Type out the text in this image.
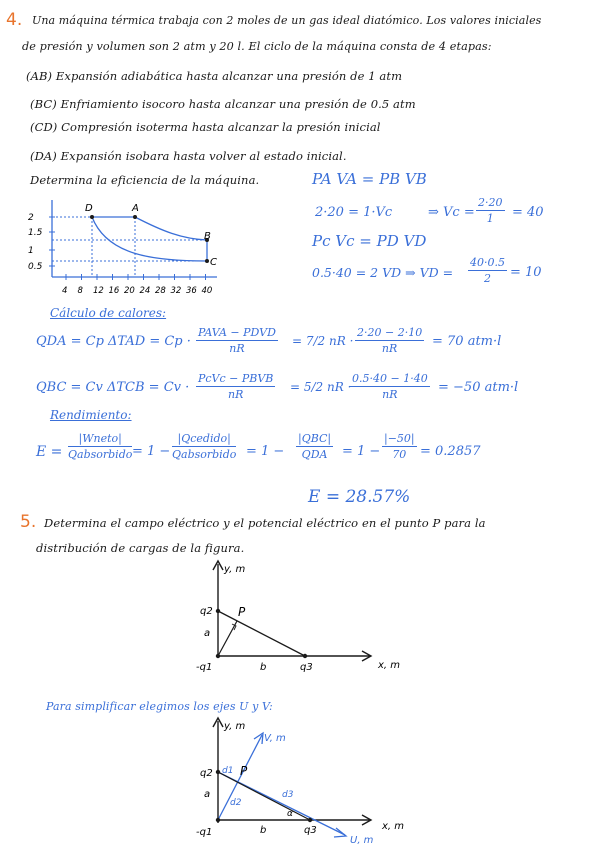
4. Una máquina térmica trabaja con 2 moles de un gas ideal diatómico. Los valores iniciales
de presión y volumen son 2 atm y 20 l. El ciclo de la máquina consta de 4 etapas:
(AB) Expansión adiabática hasta alcanzar una presión de 1 atm
(BC) Enfriamiento isocoro hasta alcanzar una presión de 0.5 atm
(CD) Compresión isoterma hasta alcanzar la presión inicial
(DA) Expansión isobara hasta volver al estado inicial.
Determina la eficiencia de la máquina.
2
1.5
1
0.5
4 8 12 16 20 24 28 32 36 40
D	A
B
C
PA VA = PB VB
2·20 = 1·Vc	⇒ $Vc = \frac{2\cdot 20}{1} = 40$
Pc Vc = PD VD
0.5·40 = 2 VD ⇒ VD = $\frac{40\cdot 0.5}{2} = 10$
Cálculo de calores:
QDA = Cp ΔTAD = Cp ·
PAVA − PDVD
nR
= 7/2 nR · $\frac{2\cdot 20 - 2\cdot 10}{nR} = 70$ atm·l
QBC = Cv ΔTCB = Cv ·
PcVc − PBVB
nR
= 5/2 nR ·
$\frac{0.5\cdot 40 - 1\cdot 40}{nR} = -50$ atm·l
Rendimiento:
E =
|Wneto|
Qabsorbido = 1 −
|Qcedido|
Qabsorbido = 1 −
|QBC|
QDA	= $1 - \frac{|-50|}{70} = 0.2857$
E = 28.57%
5. Determina el campo eléctrico y el potencial eléctrico en el punto P para la
distribución de cargas de la figura.
y, m
x, m
q2 P
a
-q1	b	q3
Para simplificar elegimos los ejes U y V:
y, m
V, m
x, m
U, m
q2 d1 P
a
d2
d3
α
-q1	b	q3
